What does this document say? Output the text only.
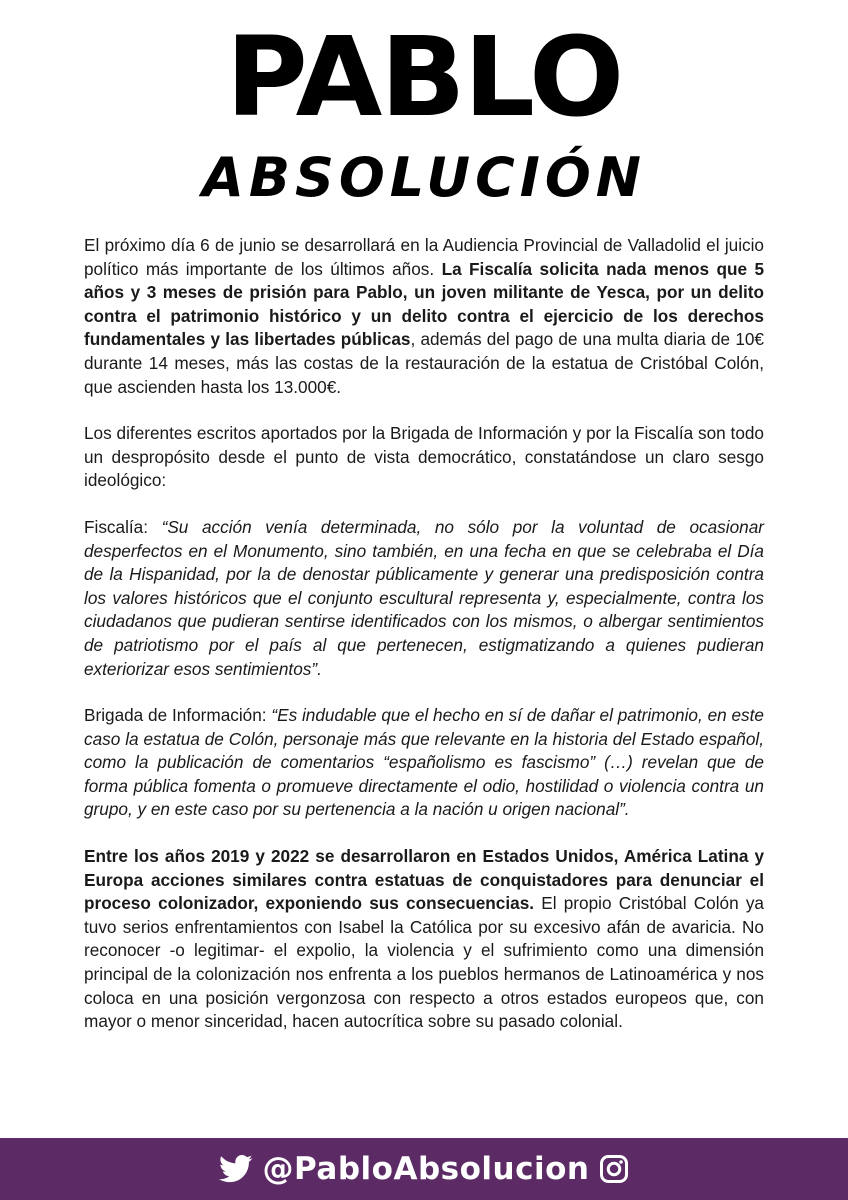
PABLO
ABSOLUCIÓN

El próximo día 6 de junio se desarrollará en la Audiencia Provincial de Valladolid el juicio político más importante de los últimos años. La Fiscalía solicita nada menos que 5 años y 3 meses de prisión para Pablo, un joven militante de Yesca, por un delito contra el patrimonio histórico y un delito contra el ejercicio de los derechos fundamentales y las libertades públicas, además del pago de una multa diaria de 10€ durante 14 meses, más las costas de la restauración de la estatua de Cristóbal Colón, que ascienden hasta los 13.000€.

Los diferentes escritos aportados por la Brigada de Información y por la Fiscalía son todo un despropósito desde el punto de vista democrático, constatándose un claro sesgo ideológico:

Fiscalía: “Su acción venía determinada, no sólo por la voluntad de ocasionar desperfectos en el Monumento, sino también, en una fecha en que se celebraba el Día de la Hispanidad, por la de denostar públicamente y generar una predisposición contra los valores históricos que el conjunto escultural representa y, especialmente, contra los ciudadanos que pudieran sentirse identificados con los mismos, o albergar sentimientos de patriotismo por el país al que pertenecen, estigmatizando a quienes pudieran exteriorizar esos sentimientos”.

Brigada de Información: “Es indudable que el hecho en sí de dañar el patrimonio, en este caso la estatua de Colón, personaje más que relevante en la historia del Estado español, como la publicación de comentarios “españolismo es fascismo” (…) revelan que de forma pública fomenta o promueve directamente el odio, hostilidad o violencia contra un grupo, y en este caso por su pertenencia a la nación u origen nacional”.

Entre los años 2019 y 2022 se desarrollaron en Estados Unidos, América Latina y Europa acciones similares contra estatuas de conquistadores para denunciar el proceso colonizador, exponiendo sus consecuencias. El propio Cristóbal Colón ya tuvo serios enfrentamientos con Isabel la Católica por su excesivo afán de avaricia. No reconocer -o legitimar- el expolio, la violencia y el sufrimiento como una dimensión principal de la colonización nos enfrenta a los pueblos hermanos de Latinoamérica y nos coloca en una posición vergonzosa con respecto a otros estados europeos que, con mayor o menor sinceridad, hacen autocrítica sobre su pasado colonial.

@PabloAbsolucion
